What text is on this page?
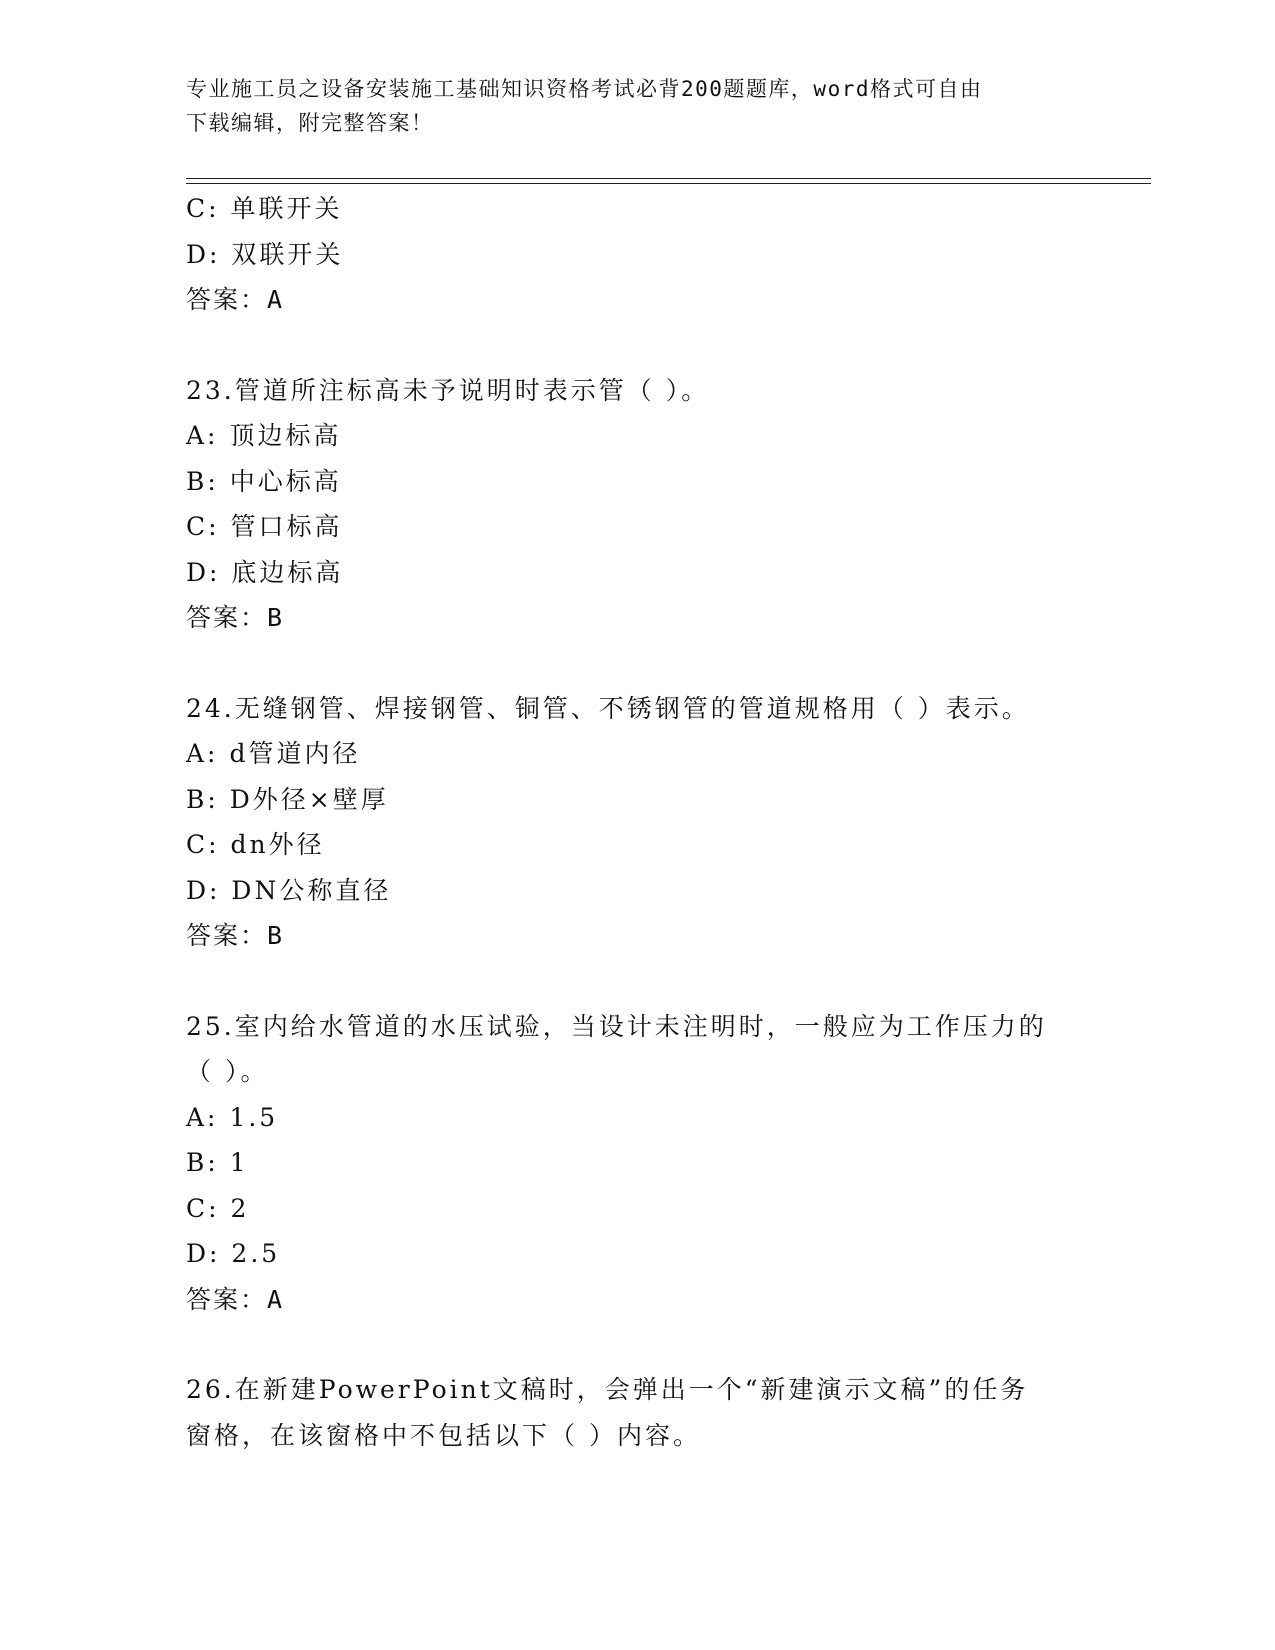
专业施工员之设备安装施工基础知识资格考试必背200题题库，word格式可自由
下载编辑，附完整答案！
C: 单联开关
D: 双联开关
答案：A
23.管道所注标高未予说明时表示管（ ）。
A: 顶边标高
B: 中心标高
C: 管口标高
D: 底边标高
答案：B
24.无缝钢管、焊接钢管、铜管、不锈钢管的管道规格用（ ）表示。
A: d管道内径
B: D外径×壁厚
C: dn外径
D: DN公称直径
答案：B
25.室内给水管道的水压试验，当设计未注明时，一般应为工作压力的
（ ）。
A: 1.5
B: 1
C: 2
D: 2.5
答案：A
26.在新建PowerPoint文稿时，会弹出一个“新建演示文稿”的任务
窗格，在该窗格中不包括以下（ ）内容。
